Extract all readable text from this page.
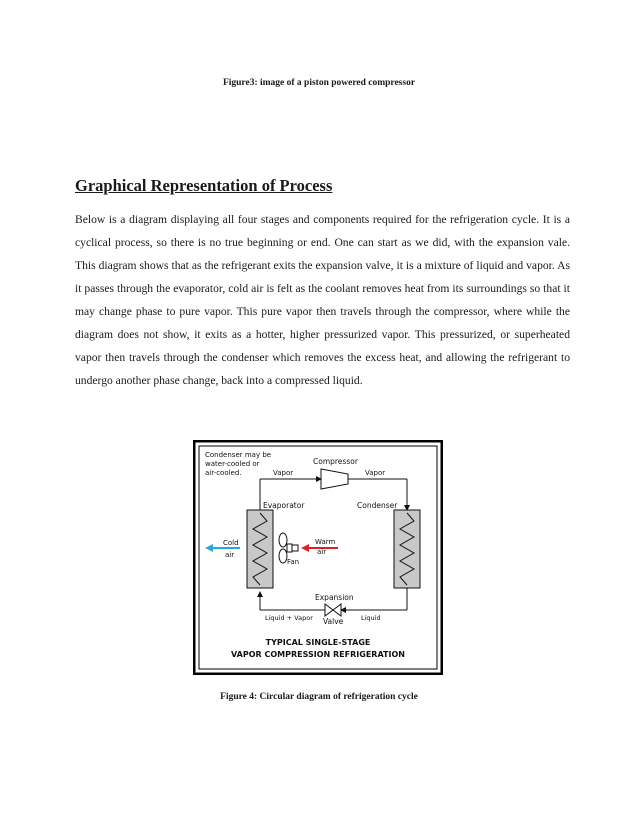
Figure3: image of a piston powered compressor
Graphical Representation of Process

Below is a diagram displaying all four stages and components required for the refrigeration cycle. It is a cyclical process, so there is no true beginning or end. One can start as we did, with the expansion vale. This diagram shows that as the refrigerant exits the expansion valve, it is a mixture of liquid and vapor. As it passes through the evaporator, cold air is felt as the coolant removes heat from its surroundings so that it may change phase to pure vapor. This pure vapor then travels through the compressor, where while the diagram does not show, it exits as a hotter, higher pressurized vapor. This pressurized, or superheated vapor then travels through the condenser which removes the excess heat, and allowing the refrigerant to undergo another phase change, back into a compressed liquid.

Condenser may be
water-cooled or
air-cooled.
Compressor
Vapor	Vapor
Evaporator	Condenser
Fan
Cold
air
Warm
air
Expansion
Valve
Liquid + Vapor	Liquid
TYPICAL SINGLE-STAGE
VAPOR COMPRESSION REFRIGERATION
Figure 4: Circular diagram of refrigeration cycle
